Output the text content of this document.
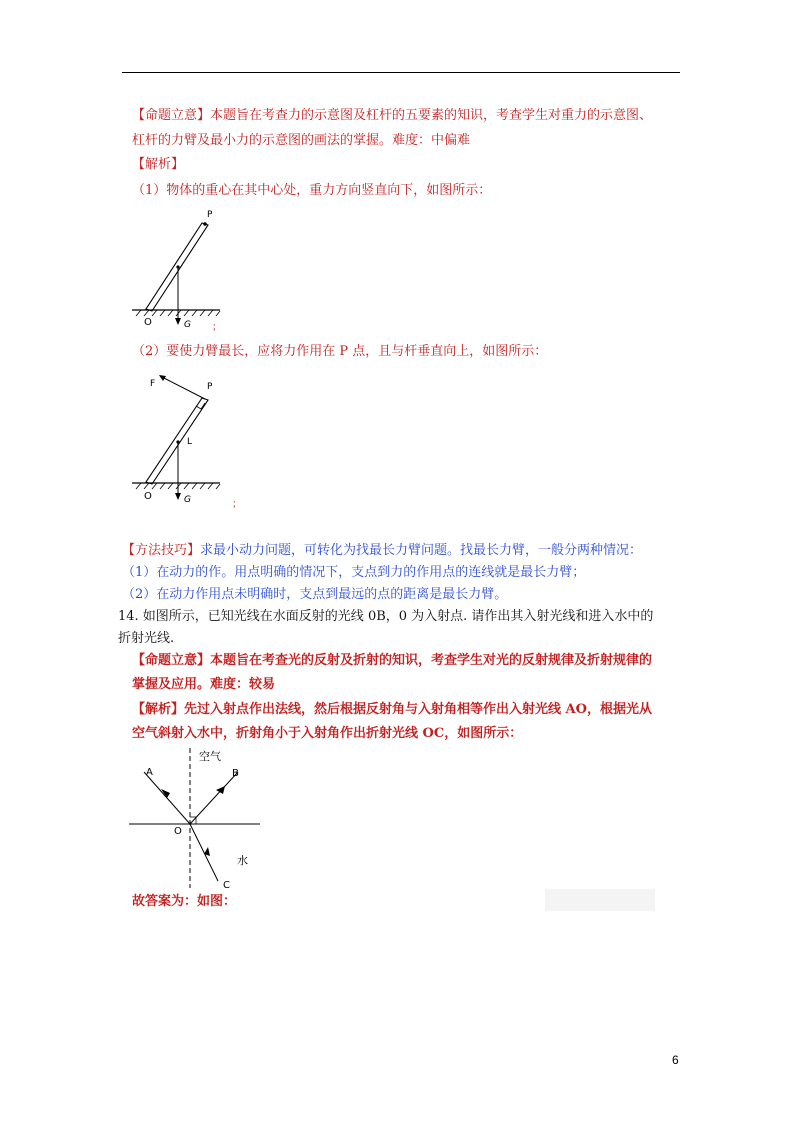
【命题立意】本题旨在考查力的示意图及杠杆的五要素的知识，考查学生对重力的示意图、
杠杆的力臂及最小力的示意图的画法的掌握。难度：中偏难
【解析】
（1）物体的重心在其中心处，重力方向竖直向下，如图所示：
P
O	G ；
（2）要使力臂最长，应将力作用在 P 点，且与杆垂直向上，如图所示：
F	P
L
O	G	；
【方法技巧】求最小动力问题，可转化为找最长力臂问题。找最长力臂，一般分两种情况：
（1）在动力的作。用点明确的情况下，支点到力的作用点的连线就是最长力臂；
（2）在动力作用点未明确时，支点到最远的点的距离是最长力臂。
14. 如图所示，已知光线在水面反射的光线 0B，0 为入射点. 请作出其入射光线和进入水中的
折射光线.
【命题立意】本题旨在考查光的反射及折射的知识，考查学生对光的反射规律及折射规律的
掌握及应用。难度：较易
【解析】先过入射点作出法线，然后根据反射角与入射角相等作出入射光线 AO，根据光从
空气斜射入水中，折射角小于入射角作出折射光线 OC，如图所示：
空气
A	B
O
水
C
故答案为：如图：
6
